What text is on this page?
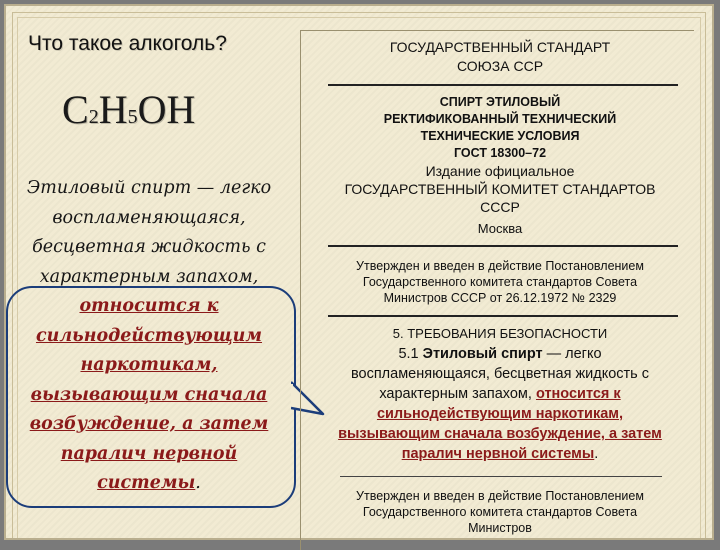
Что такое алкоголь?
C2H5OH
Этиловый спирт — легко
воспламеняющаяся,
бесцветная жидкость с
характерным запахом,
относится к
сильнодействующим
наркотикам,
вызывающим сначала
возбуждение, а затем
паралич нервной
системы.
ГОСУДАРСТВЕННЫЙ СТАНДАРТ
СОЮЗА ССР
СПИРТ ЭТИЛОВЫЙ
РЕКТИФИКОВАННЫЙ ТЕХНИЧЕСКИЙ
ТЕХНИЧЕСКИЕ УСЛОВИЯ
ГОСТ 18300–72
Издание официальное
ГОСУДАРСТВЕННЫЙ КОМИТЕТ СТАНДАРТОВ
СССР
Москва
Утвержден и введен в действие Постановлением
Государственного комитета стандартов Совета
Министров СССР от 26.12.1972 № 2329
5. ТРЕБОВАНИЯ БЕЗОПАСНОСТИ
5.1 Этиловый спирт — легко
воспламеняющаяся, бесцветная жидкость с
характерным запахом, относится к
сильнодействующим наркотикам,
вызывающим сначала возбуждение, а затем
паралич нервной системы.
Утвержден и введен в действие Постановлением
Государственного комитета стандартов Совета
Министров
